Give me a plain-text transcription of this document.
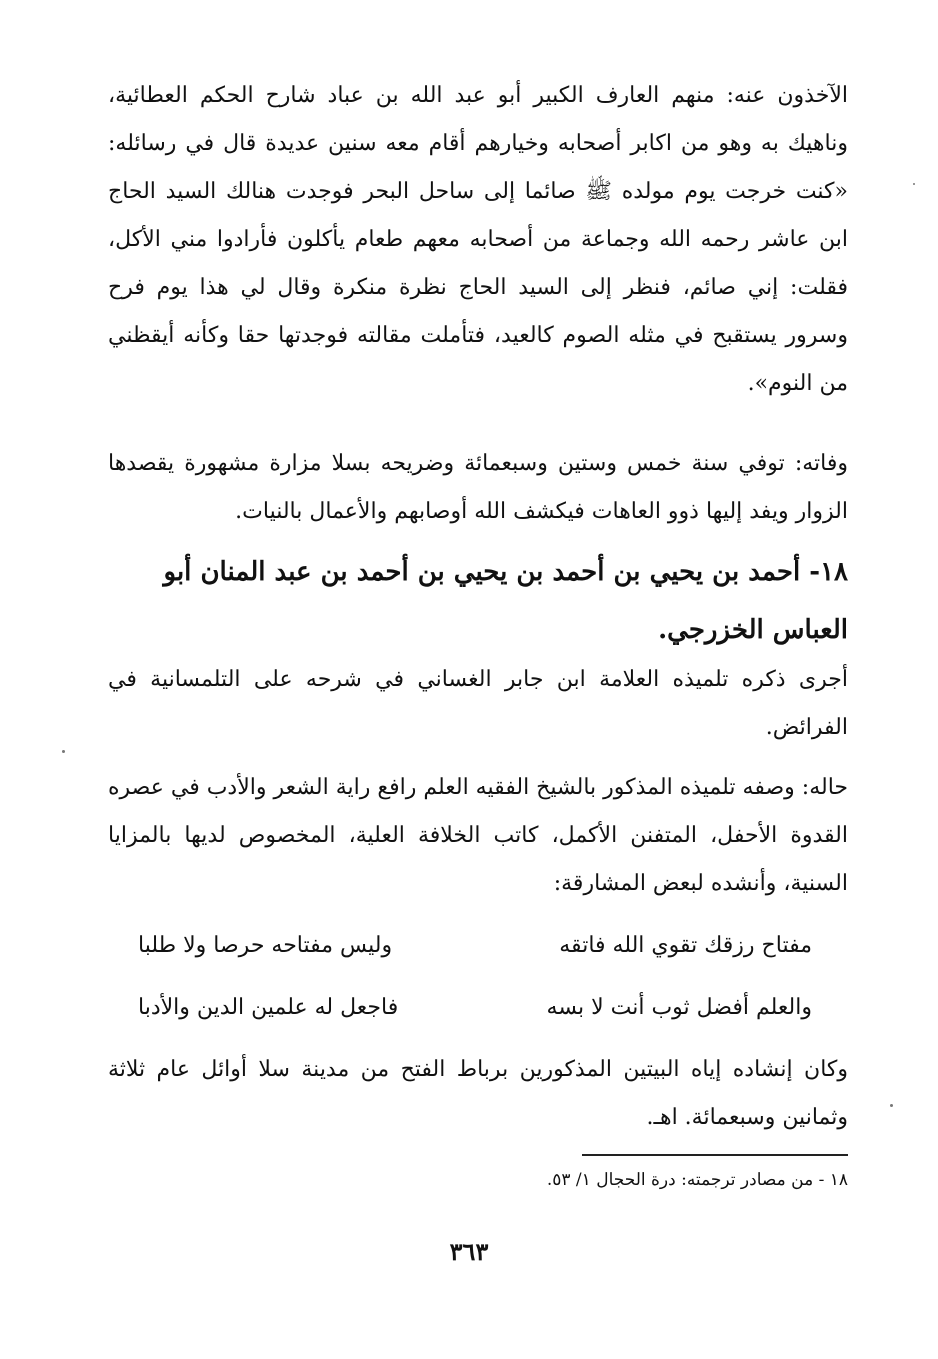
الآخذون عنه: منهم العارف الكبير أبو عبد الله بن عباد شارح الحكم العطائية، وناهيك به وهو من اكابر أصحابه وخيارهم أقام معه سنين عديدة قال في رسائله: «كنت خرجت يوم مولده ﷺ صائما إلى ساحل البحر فوجدت هنالك السيد الحاج ابن عاشر رحمه الله وجماعة من أصحابه معهم طعام يأكلون فأرادوا مني الأكل، فقلت: إني صائم، فنظر إلى السيد الحاج نظرة منكرة وقال لي هذا يوم فرح وسرور يستقبح في مثله الصوم كالعيد، فتأملت مقالته فوجدتها حقا وكأنه أيقظني من النوم».

وفاته: توفي سنة خمس وستين وسبعمائة وضريحه بسلا مزارة مشهورة يقصدها الزوار ويفد إليها ذوو العاهات فيكشف الله أوصابهم والأعمال بالنيات.

١٨- أحمد بن يحيي بن أحمد بن يحيي بن أحمد بن عبد المنان أبو العباس الخزرجي.

أجرى ذكره تلميذه العلامة ابن جابر الغساني في شرحه على التلمسانية في الفرائض.

حاله: وصفه تلميذه المذكور بالشيخ الفقيه العلم رافع راية الشعر والأدب في عصره القدوة الأحفل، المتفنن الأكمل، كاتب الخلافة العلية، المخصوص لديها بالمزايا السنية، وأنشده لبعض المشارقة:

مفتاح رزقك تقوي الله فاتقه
وليس مفتاحه حرصا ولا طلبا
والعلم أفضل ثوب أنت لا بسه
فاجعل له علمين الدين والأدبا

وكان إنشاده إياه البيتين المذكورين برباط الفتح من مدينة سلا أوائل عام ثلاثة وثمانين وسبعمائة. اهـ.

١٨ - من مصادر ترجمته: درة الحجال ١/ ٥٣.

٣٦٣
